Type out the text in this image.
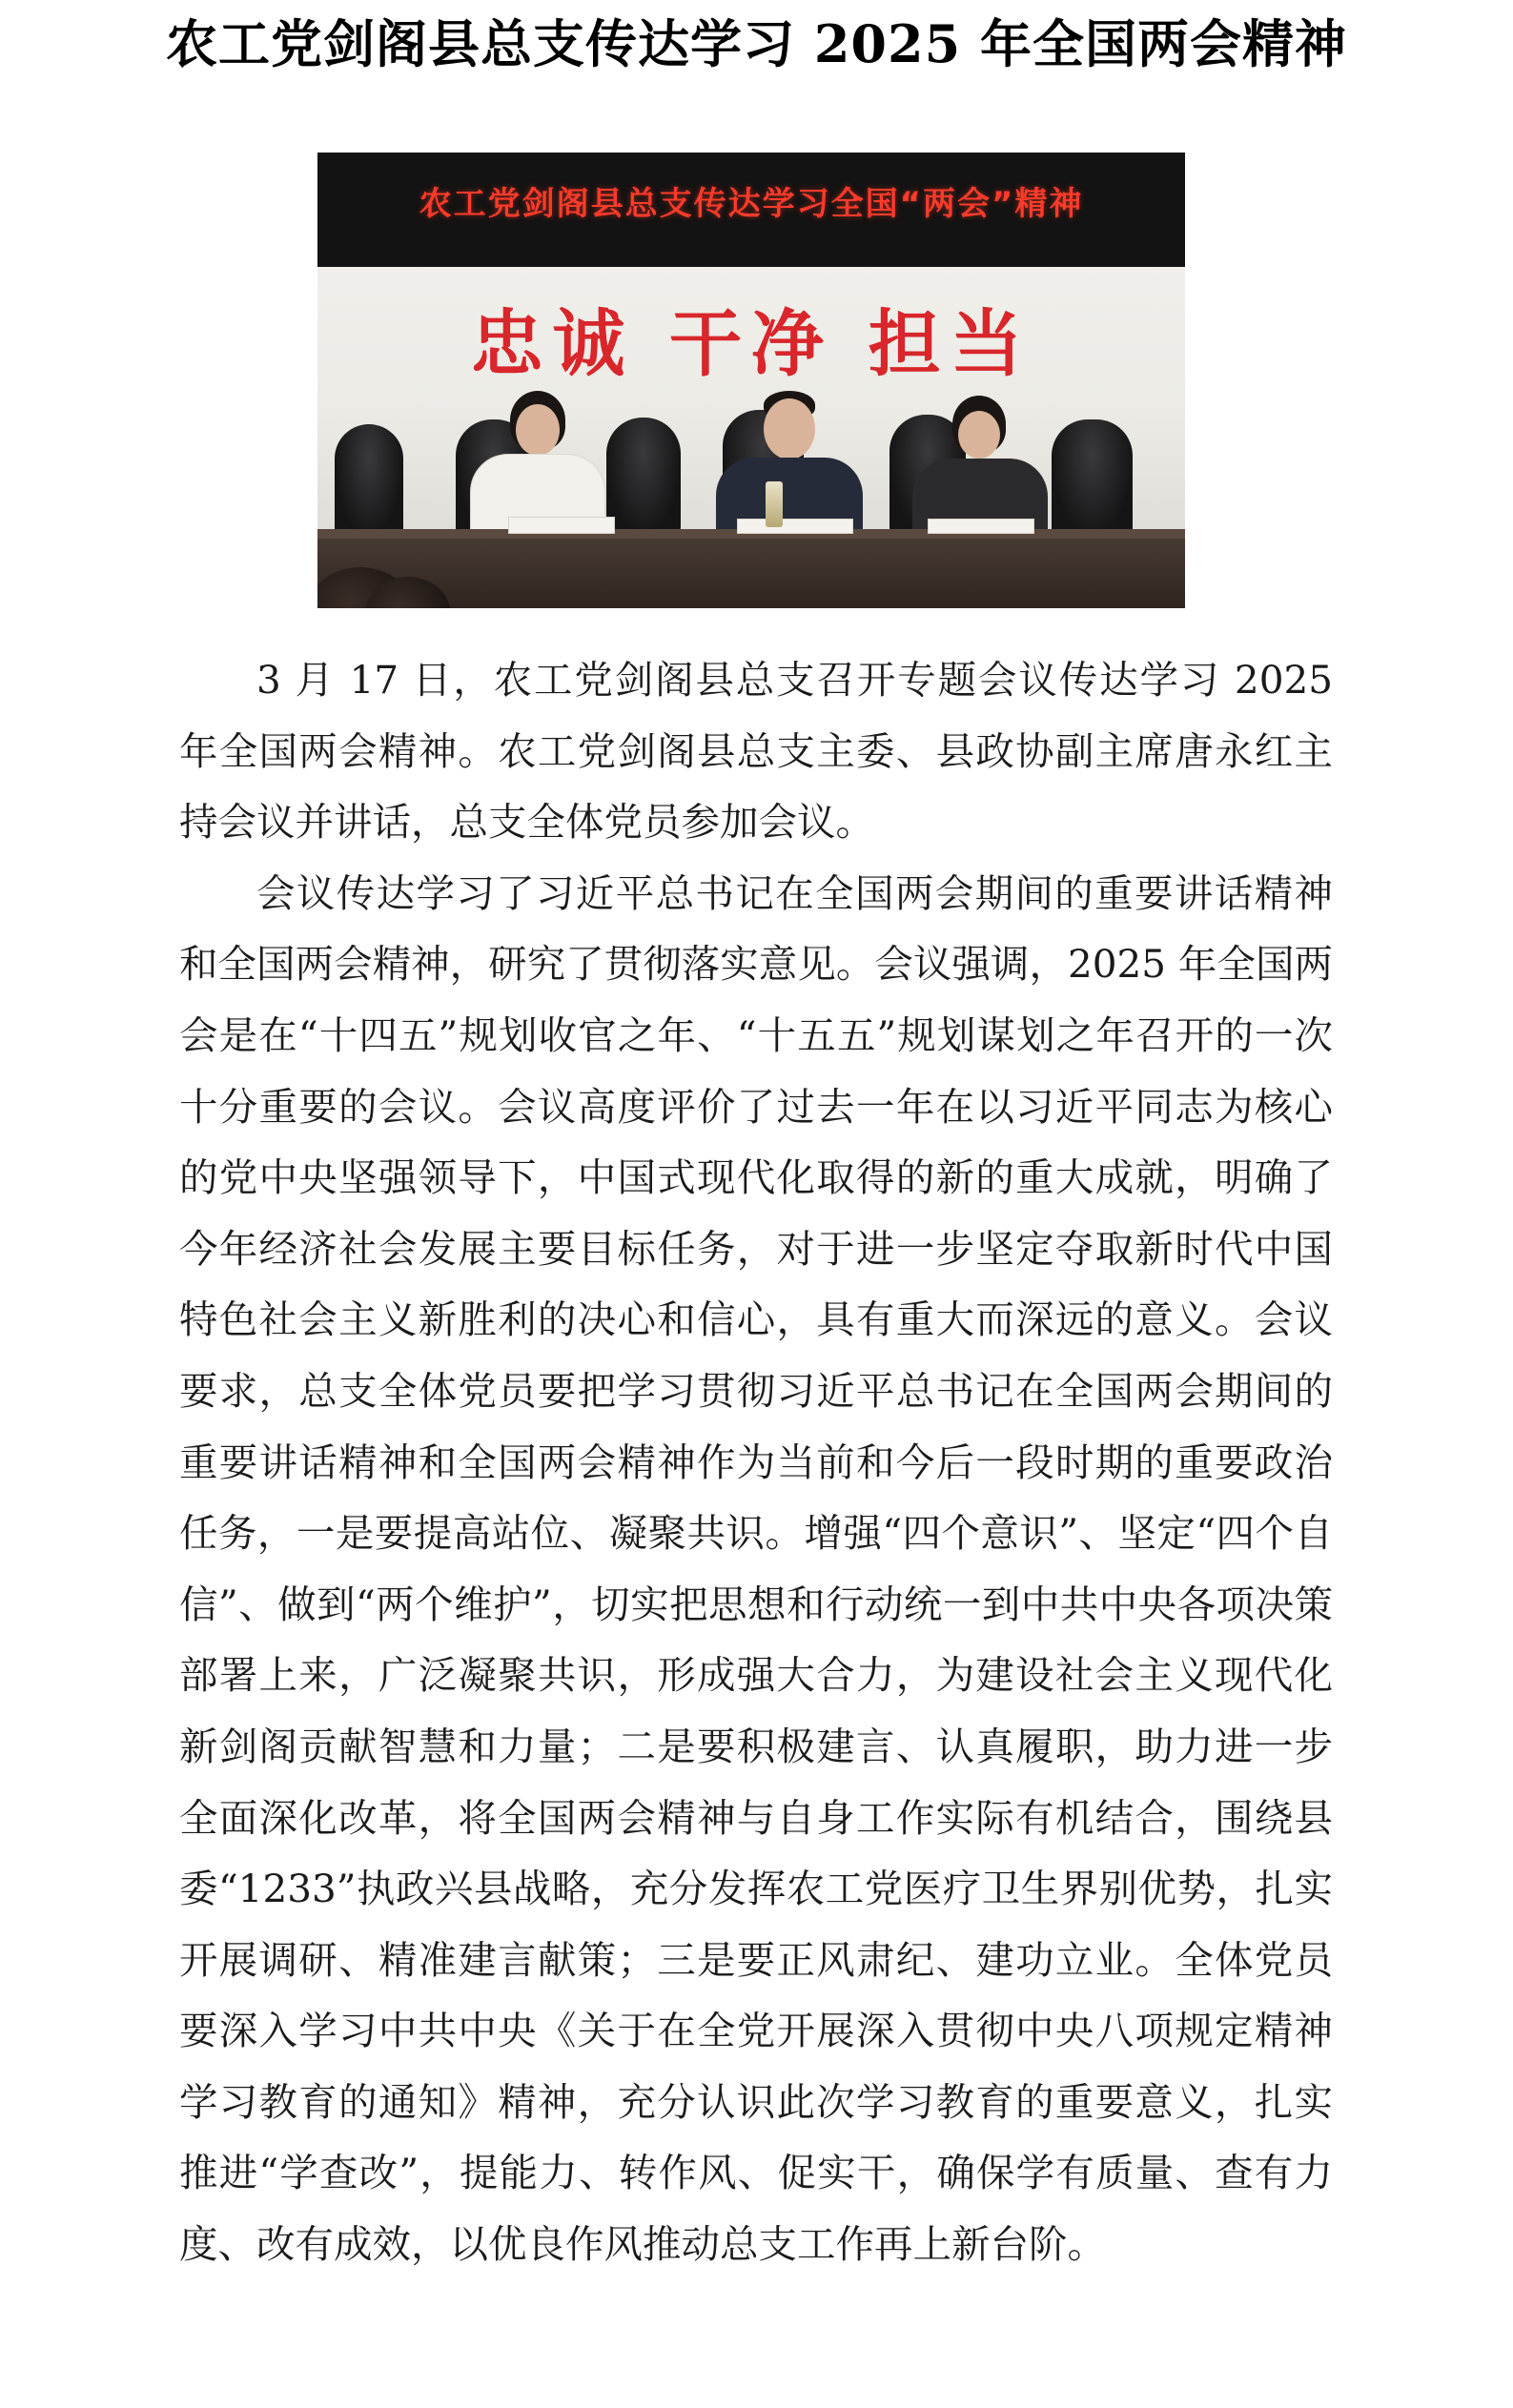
农工党剑阁县总支传达学习 2025 年全国两会精神
农工党剑阁县总支传达学习全国“两会”精神
忠诚 干净 担当

3 月 17 日，农工党剑阁县总支召开专题会议传达学习 2025 年全国两会精神。农工党剑阁县总支主委、县政协副主席唐永红主持会议并讲话，总支全体党员参加会议。

会议传达学习了习近平总书记在全国两会期间的重要讲话精神和全国两会精神，研究了贯彻落实意见。会议强调，2025 年全国两会是在“十四五”规划收官之年、“十五五”规划谋划之年召开的一次十分重要的会议。会议高度评价了过去一年在以习近平同志为核心的党中央坚强领导下，中国式现代化取得的新的重大成就，明确了今年经济社会发展主要目标任务，对于进一步坚定夺取新时代中国特色社会主义新胜利的决心和信心，具有重大而深远的意义。会议要求，总支全体党员要把学习贯彻习近平总书记在全国两会期间的重要讲话精神和全国两会精神作为当前和今后一段时期的重要政治任务，一是要提高站位、凝聚共识。增强“四个意识”、坚定“四个自信”、做到“两个维护”，切实把思想和行动统一到中共中央各项决策部署上来，广泛凝聚共识，形成强大合力，为建设社会主义现代化新剑阁贡献智慧和力量；二是要积极建言、认真履职，助力进一步全面深化改革，将全国两会精神与自身工作实际有机结合，围绕县委“1233”执政兴县战略，充分发挥农工党医疗卫生界别优势，扎实开展调研、精准建言献策；三是要正风肃纪、建功立业。全体党员要深入学习中共中央《关于在全党开展深入贯彻中央八项规定精神学习教育的通知》精神，充分认识此次学习教育的重要意义，扎实推进“学查改”，提能力、转作风、促实干，确保学有质量、查有力度、改有成效，以优良作风推动总支工作再上新台阶。
